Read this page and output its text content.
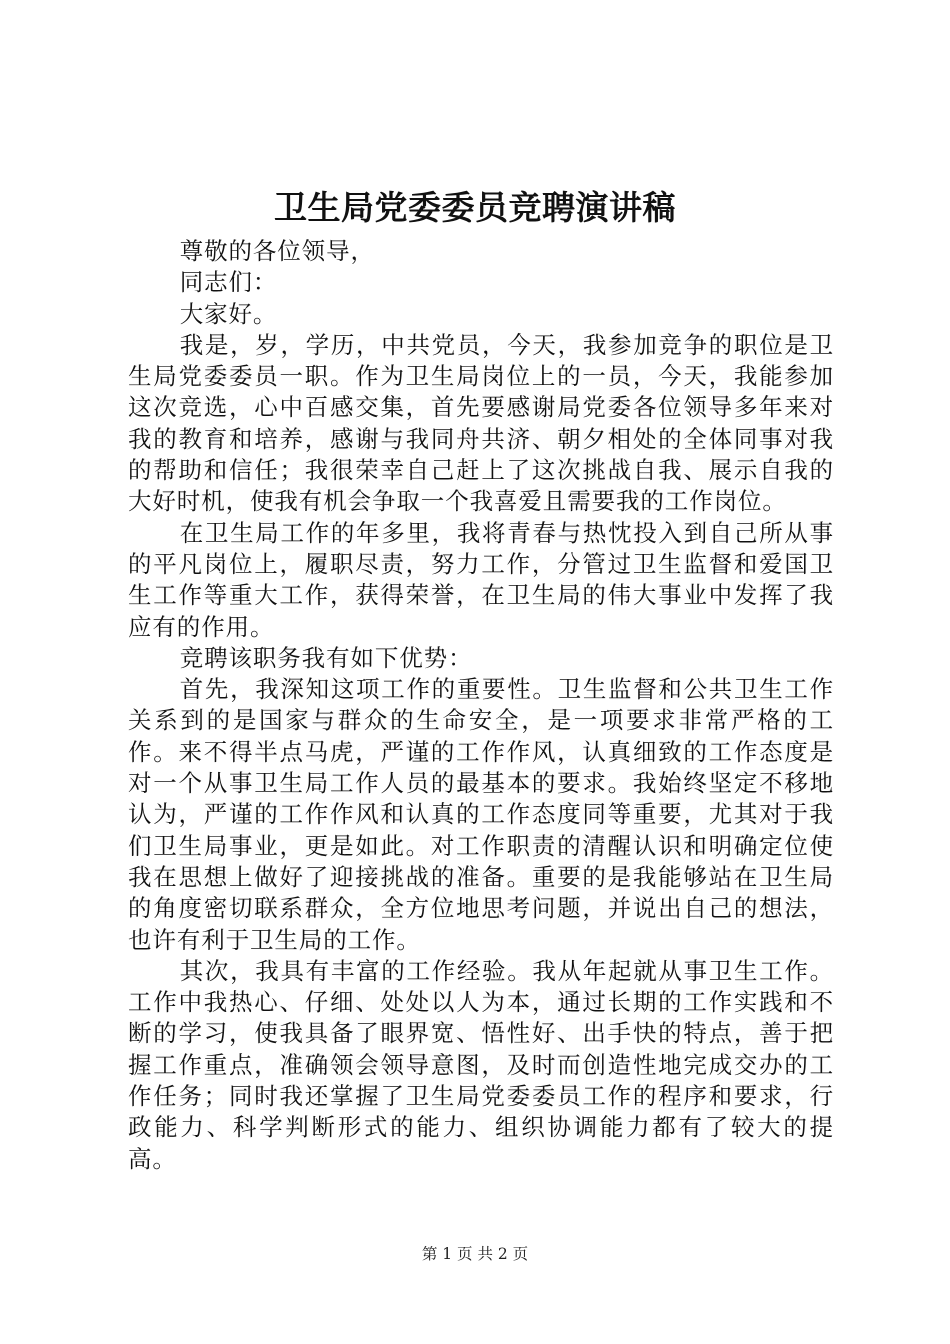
卫生局党委委员竞聘演讲稿

尊敬的各位领导，

同志们：

大家好。

我是，岁，学历，中共党员，今天，我参加竞争的职位是卫生局党委委员一职。作为卫生局岗位上的一员，今天，我能参加这次竞选，心中百感交集，首先要感谢局党委各位领导多年来对我的教育和培养，感谢与我同舟共济、朝夕相处的全体同事对我的帮助和信任；我很荣幸自己赶上了这次挑战自我、展示自我的大好时机，使我有机会争取一个我喜爱且需要我的工作岗位。

在卫生局工作的年多里，我将青春与热忱投入到自己所从事的平凡岗位上，履职尽责，努力工作，分管过卫生监督和爱国卫生工作等重大工作，获得荣誉，在卫生局的伟大事业中发挥了我应有的作用。

竞聘该职务我有如下优势：

首先，我深知这项工作的重要性。卫生监督和公共卫生工作关系到的是国家与群众的生命安全，是一项要求非常严格的工作。来不得半点马虎，严谨的工作作风，认真细致的工作态度是对一个从事卫生局工作人员的最基本的要求。我始终坚定不移地认为，严谨的工作作风和认真的工作态度同等重要，尤其对于我们卫生局事业，更是如此。对工作职责的清醒认识和明确定位使我在思想上做好了迎接挑战的准备。重要的是我能够站在卫生局的角度密切联系群众，全方位地思考问题，并说出自己的想法，也许有利于卫生局的工作。

其次，我具有丰富的工作经验。我从年起就从事卫生工作。工作中我热心、仔细、处处以人为本，通过长期的工作实践和不断的学习，使我具备了眼界宽、悟性好、出手快的特点，善于把握工作重点，准确领会领导意图，及时而创造性地完成交办的工作任务；同时我还掌握了卫生局党委委员工作的程序和要求，行政能力、科学判断形式的能力、组织协调能力都有了较大的提高。

第 1 页 共 2 页
